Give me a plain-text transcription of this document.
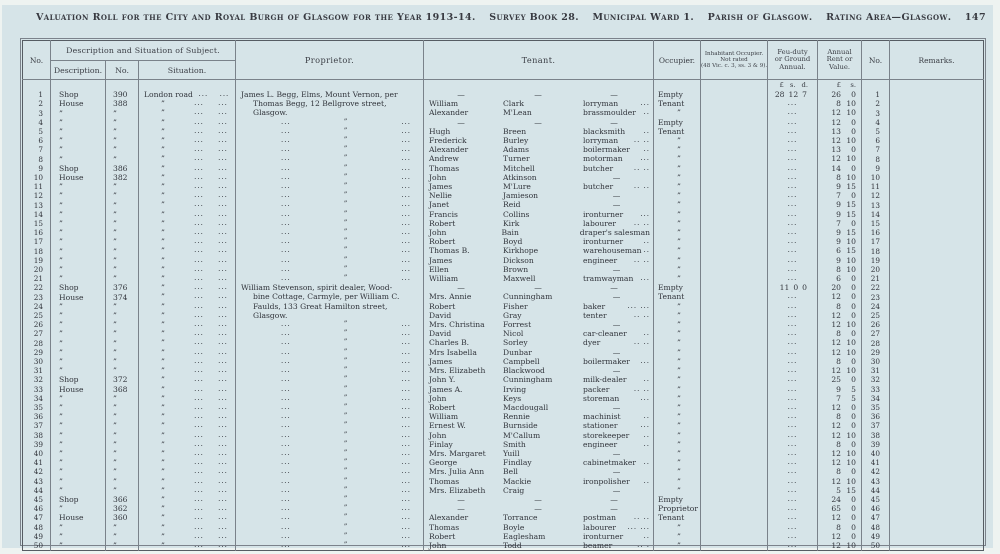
Valuation Roll for the City and Royal Burgh of Glasgow for the Year 1913-14. Survey Book 28. Municipal Ward 1. Parish of Glasgow. Rating Area—Glasgow. 147
No.	Description and Situation of Subject.			Proprietor.	Tenant.	Occupier.	Inhabitant Occupier.
Not rated
(48 Vic. c. 3, ss. 3 & 9).	Feu-duty
or Ground
Annual.	Annual
Rent or
Value.	No.	Remarks.
	Description.	No.	Situation.								

								£ s. d.	£ s.		

1	Shop	390	London road ... ...	James L. Begg, Elms, Mount Vernon, per	— — —	Empty		28 12 7	26 0	1	
2	House	388	” ... ...	Thomas Begg, 12 Bellgrove street,	William Clark lorryman ...	Tenant		...	8 10	2	
3	”	”	” ... ...	Glasgow.	Alexander M'Lean brassmoulder ..	”		...	12 10	3	
4	”	”	” ... ...	... ” ...	— — —	Empty		...	12 0	4	
5	”	”	” ... ...	... ” ...	Hugh Breen blacksmith ..	Tenant		...	13 0	5	
6	”	”	” ... ...	... ” ...	Frederick Burley lorryman .. ..	”		...	12 10	6	
7	”	”	” ... ...	... ” ...	Alexander Adams boilermaker ..	”		...	13 0	7	
8	”	”	” ... ...	... ” ...	Andrew Turner motorman ...	”		...	12 10	8	
9	Shop	386	” ... ...	... ” ...	Thomas Mitchell butcher .. ..	”		...	14 0	9	
10	House	382	” ... ...	... ” ...	John Atkinson —	”		...	8 10	10	
11	”	”	” ... ...	... ” ...	James M'Lure butcher .. ..	”		...	9 15	11	
12	”	”	” ... ...	... ” ...	Nellie Jamieson —	”		...	7 0	12	
13	”	”	” ... ...	... ” ...	Janet Reid —	”		...	9 15	13	
14	”	”	” ... ...	... ” ...	Francis Collins ironturner ...	”		...	9 15	14	
15	”	”	” ... ...	... ” ...	Robert Kirk labourer .. ..	”		...	7 0	15	
16	”	”	” ... ...	... ” ...	John Bain draper's salesman	”		...	9 15	16	
17	”	”	” ... ...	... ” ...	Robert Boyd ironturner ..	”		...	9 10	17	
18	”	”	” ... ...	... ” ...	Thomas B. Kirkhope warehouseman ..	”		...	6 15	18	
19	”	”	” ... ...	... ” ...	James Dickson engineer .. ..	”		...	9 10	19	
20	”	”	” ... ...	... ” ...	Ellen Brown —	”		...	8 10	20	
21	”	”	” ... ...	... ” ...	William Maxwell tramwayman ...	”		...	6 0	21	
22	Shop	376	” ... ...	William Stevenson, spirit dealer, Wood-	— — —	Empty		11 0 0	20 0	22	
23	House	374	” ... ...	bine Cottage, Carmyle, per William C.	Mrs. Annie Cunningham —	Tenant		...	12 0	23	
24	”	”	” ... ...	Faulds, 133 Great Hamilton street,	Robert Fisher baker ... ...	”		...	8 0	24	
25	”	”	” ... ...	Glasgow.	David Gray tenter .. ..	”		...	12 0	25	
26	”	”	” ... ...	... ” ...	Mrs. Christina Forrest —	”		...	12 10	26	
27	”	”	” ... ...	... ” ...	David Nicol car-cleaner ..	”		...	8 0	27	
28	”	”	” ... ...	... ” ...	Charles B. Sorley dyer .. ..	”		...	12 10	28	
29	”	”	” ... ...	... ” ...	Mrs Isabella Dunbar —	”		...	12 10	29	
30	”	”	” ... ...	... ” ...	James Campbell boilermaker ...	”		...	8 0	30	
31	”	”	” ... ...	... ” ...	Mrs. Elizabeth Blackwood —	”		...	12 10	31	
32	Shop	372	” ... ...	... ” ...	John Y. Cunningham milk-dealer ..	”		...	25 0	32	
33	House	368	” ... ...	... ” ...	James A. Irving packer .. ..	”		...	9 5	33	
34	”	”	” ... ...	... ” ...	John Keys storeman ...	”		...	7 5	34	
35	”	”	” ... ...	... ” ...	Robert Macdougall —	”		...	12 0	35	
36	”	”	” ... ...	... ” ...	William Rennie machinist ..	”		...	8 0	36	
37	”	”	” ... ...	... ” ...	Ernest W. Burnside stationer ...	”		...	12 0	37	
38	”	”	” ... ...	... ” ...	John M'Callum storekeeper ..	”		...	12 10	38	
39	”	”	” ... ...	... ” ...	Finlay Smith engineer ..	”		...	8 0	39	
40	”	”	” ... ...	... ” ...	Mrs. Margaret Yuill —	”		...	12 10	40	
41	”	”	” ... ...	... ” ...	George Findlay cabinetmaker ..	”		...	12 10	41	
42	”	”	” ... ...	... ” ...	Mrs. Julia Ann Bell —	”		...	8 0	42	
43	”	”	” ... ...	... ” ...	Thomas Mackie ironpolisher ..	”		...	12 10	43	
44	”	”	” ... ...	... ” ...	Mrs. Elizabeth Craig —	”		...	5 15	44	
45	Shop	366	” ... ...	... ” ...	— — —	Empty		...	24 0	45	
46	”	362	” ... ...	... ” ...	— — —	Proprietor		...	65 0	46	
47	House	360	” ... ...	... ” ...	Alexander Torrance postman .. ..	Tenant		...	12 0	47	
48	”	”	” ... ...	... ” ...	Thomas Boyle labourer ... ...	”		...	8 0	48	
49	”	”	” ... ...	... ” ...	Robert Eaglesham ironturner ..	”		...	12 0	49	
50	”	”	” ... ...	... ” ...	John Todd beamer .. .	”		...	12 10	50	
